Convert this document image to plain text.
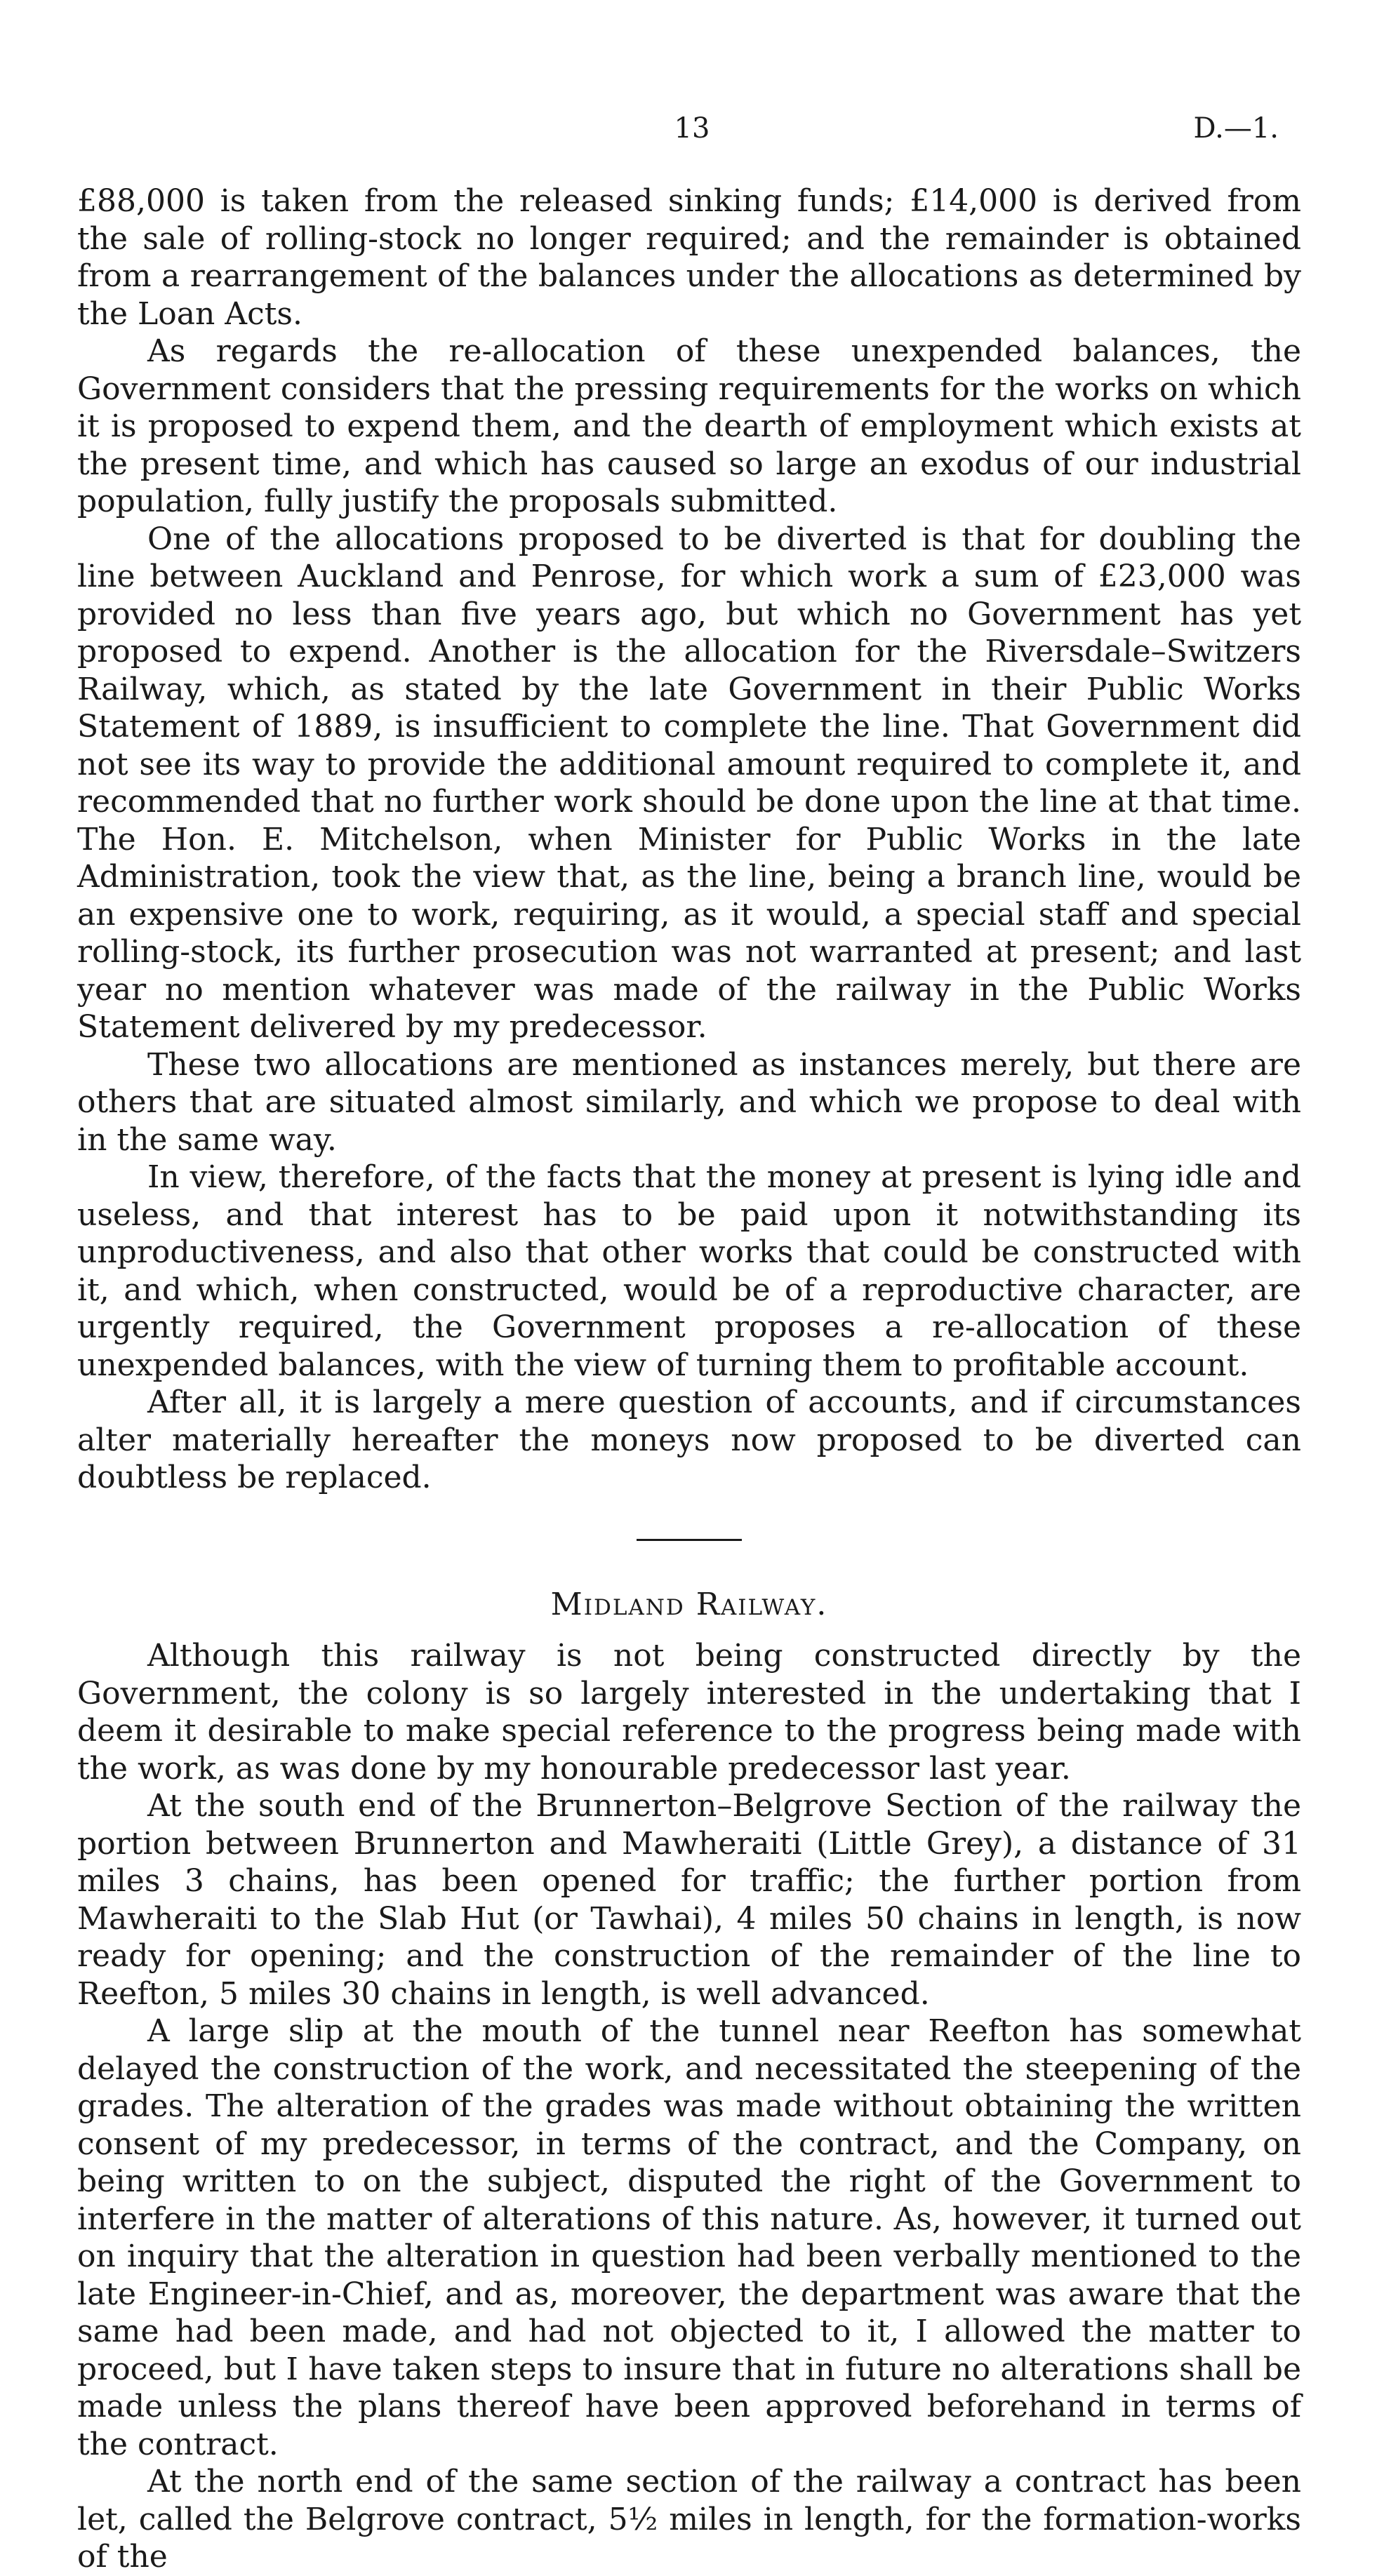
13	D.—1.

£88,000 is taken from the released sinking funds; £14,000 is derived from the sale of rolling-stock no longer required; and the remainder is obtained from a rearrangement of the balances under the allocations as determined by the Loan Acts.

As regards the re-allocation of these unexpended balances, the Government considers that the pressing requirements for the works on which it is proposed to expend them, and the dearth of employment which exists at the present time, and which has caused so large an exodus of our industrial population, fully justify the proposals submitted.

One of the allocations proposed to be diverted is that for doubling the line between Auckland and Penrose, for which work a sum of £23,000 was provided no less than five years ago, but which no Government has yet proposed to expend. Another is the allocation for the Riversdale–Switzers Railway, which, as stated by the late Government in their Public Works Statement of 1889, is insufficient to complete the line. That Government did not see its way to provide the additional amount required to complete it, and recommended that no further work should be done upon the line at that time. The Hon. E. Mitchelson, when Minister for Public Works in the late Administration, took the view that, as the line, being a branch line, would be an expensive one to work, requiring, as it would, a special staff and special rolling-stock, its further prosecution was not warranted at present; and last year no mention whatever was made of the railway in the Public Works Statement delivered by my predecessor.

These two allocations are mentioned as instances merely, but there are others that are situated almost similarly, and which we propose to deal with in the same way.

In view, therefore, of the facts that the money at present is lying idle and useless, and that interest has to be paid upon it notwithstanding its unproductiveness, and also that other works that could be constructed with it, and which, when constructed, would be of a reproductive character, are urgently required, the Government proposes a re-allocation of these unexpended balances, with the view of turning them to profitable account.

After all, it is largely a mere question of accounts, and if circumstances alter materially hereafter the moneys now proposed to be diverted can doubtless be replaced.

Midland Railway.

Although this railway is not being constructed directly by the Government, the colony is so largely interested in the undertaking that I deem it desirable to make special reference to the progress being made with the work, as was done by my honourable predecessor last year.

At the south end of the Brunnerton–Belgrove Section of the railway the portion between Brunnerton and Mawheraiti (Little Grey), a distance of 31 miles 3 chains, has been opened for traffic; the further portion from Mawheraiti to the Slab Hut (or Tawhai), 4 miles 50 chains in length, is now ready for opening; and the construction of the remainder of the line to Reefton, 5 miles 30 chains in length, is well advanced.

A large slip at the mouth of the tunnel near Reefton has somewhat delayed the construction of the work, and necessitated the steepening of the grades. The alteration of the grades was made without obtaining the written consent of my predecessor, in terms of the contract, and the Company, on being written to on the subject, disputed the right of the Government to interfere in the matter of alterations of this nature. As, however, it turned out on inquiry that the alteration in question had been verbally mentioned to the late Engineer-in-Chief, and as, moreover, the department was aware that the same had been made, and had not objected to it, I allowed the matter to proceed, but I have taken steps to insure that in future no alterations shall be made unless the plans thereof have been approved beforehand in terms of the contract.

At the north end of the same section of the railway a contract has been let, called the Belgrove contract, 5½ miles in length, for the formation-works of the
